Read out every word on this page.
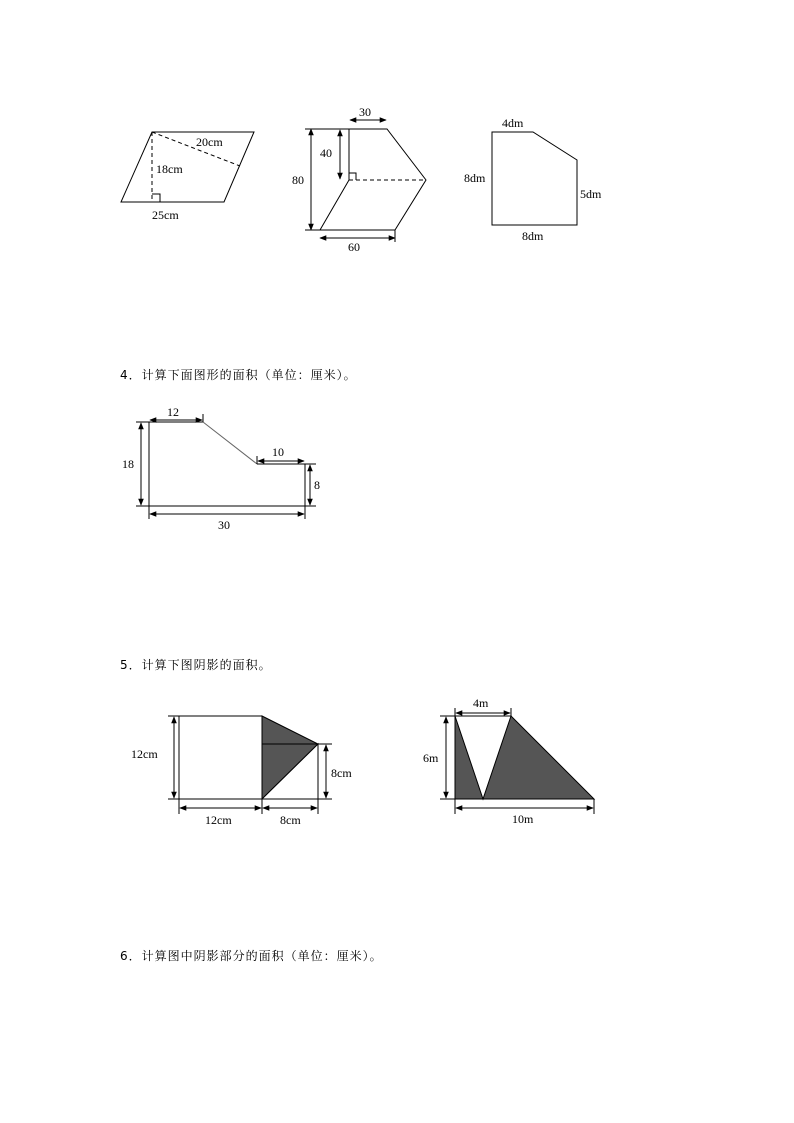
4．计算下面图形的面积（单位：厘米）。
5．计算下图阴影的面积。
6．计算图中阴影部分的面积（单位：厘米）。
20cm
18cm
25cm
30
80
40
60
4dm
8dm
5dm
8dm
12
10
18
8
30
12cm
8cm
12cm	8cm
4m
6m
10m
